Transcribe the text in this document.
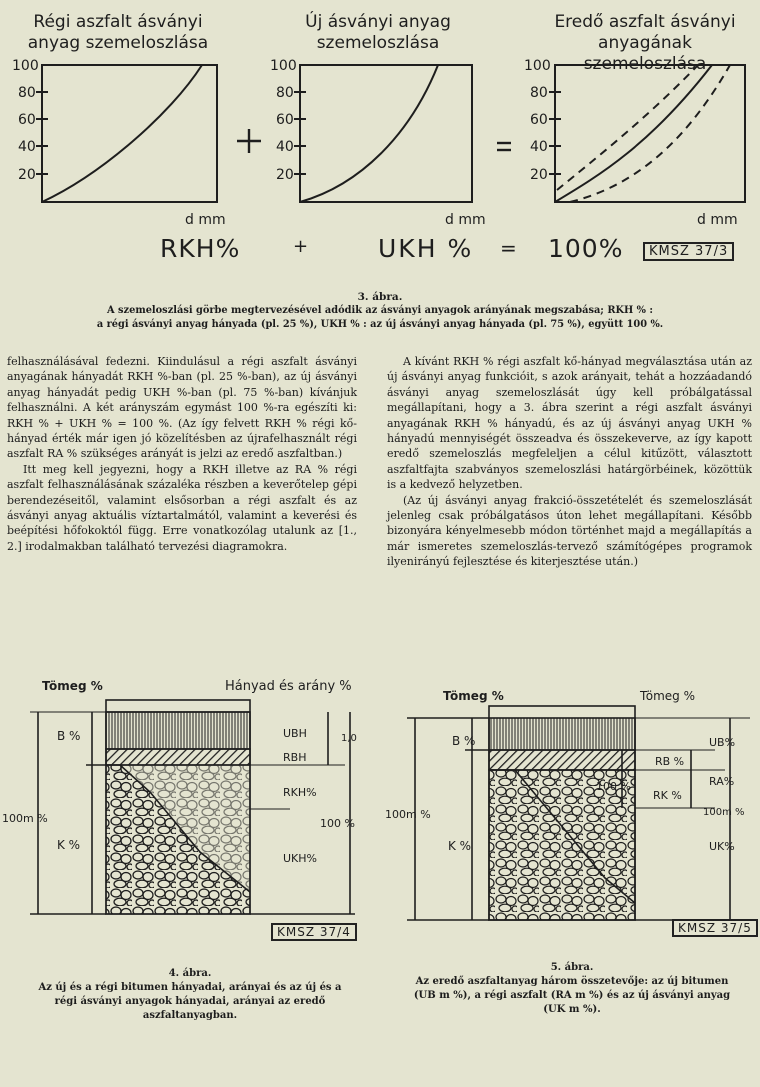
Régi aszfalt ásványi
anyag szemeloszlása
Új ásványi anyag
szemeloszlása
Eredő aszfalt ásványi
anyagának szemeloszlása
100
80
60
40
20
100
80
60
40
20
100
80
60
40
20
d mm	d mm	d mm
RKH%	+	UKH % = 100%	KMSZ 37/3
3. ábra.
A szemeloszlási görbe megtervezésével adódik az ásványi anyagok arányának megszabása; RKH % :
a régi ásványi anyag hányada (pl. 25 %), UKH % : az új ásványi anyag hányada (pl. 75 %), együtt 100 %.

felhasználásával fedezni. Kiindulásul a régi aszfalt ásványi anyagának hányadát RKH %-ban (pl. 25 %-ban), az új ásványi anyag hányadát pedig UKH %-ban (pl. 75 %-ban) kívánjuk felhasználni. A két arányszám egymást 100 %-ra egészíti ki: RKH % + UKH % = 100 %. (Az így felvett RKH % régi kő-hányad érték már igen jó közelítésben az újrafelhasznált régi aszfalt RA % szükséges arányát is jelzi az eredő aszfaltban.)

Itt meg kell jegyezni, hogy a RKH illetve az RA % régi aszfalt felhasználásának százaléka részben a keverőtelep gépi berendezéseitől, valamint elsősorban a régi aszfalt és az ásványi anyag aktuális víztartalmától, valamint a keverési és beépítési hőfokoktól függ. Erre vonatkozólag utalunk az [1., 2.] irodalmakban található tervezési diagramokra.

A kívánt RKH % régi aszfalt kő-hányad megválasztása után az új ásványi anyag funkcióit, s azok arányait, tehát a hozzáadandó ásványi anyag szemeloszlását úgy kell próbálgatással megállapítani, hogy a 3. ábra szerint a régi aszfalt ásványi anyagának RKH % hányadú, és az új ásványi anyag UKH % hányadú mennyiségét összeadva és összekeverve, az így kapott eredő szemeloszlás megfeleljen a célul kitűzött, választott aszfaltfajta szabványos szemeloszlási határgörbéinek, közöttük is a kedvező helyzetben.

(Az új ásványi anyag frakció-összetételét és szemeloszlását jelenleg csak próbálgatásos úton lehet megállapítani. Később bizonyára kényelmesebb módon történhet majd a megállapítás a már ismeretes szemeloszlás-tervező számítógépes programok ilyenirányú fejlesztése és kiterjesztése után.)

Tömeg %	Hányad és arány %
B %
K %
100m %
UBH
RBH
RKH%
UKH%
100 %
1,0
KMSZ 37/4
4. ábra.
Az új és a régi bitumen hányadai, arányai és az új és a
régi ásványi anyagok hányadai, arányai az eredő
aszfaltanyagban.
Tömeg %	Tömeg %
B %
K %
100m %
UB%
RB %
RA%
100 %
RK %
100m %
UK%
KMSZ 37/5
5. ábra.
Az eredő aszfaltanyag három összetevője: az új bitumen
(UB m %), a régi aszfalt (RA m %) és az új ásványi anyag
(UK m %).
